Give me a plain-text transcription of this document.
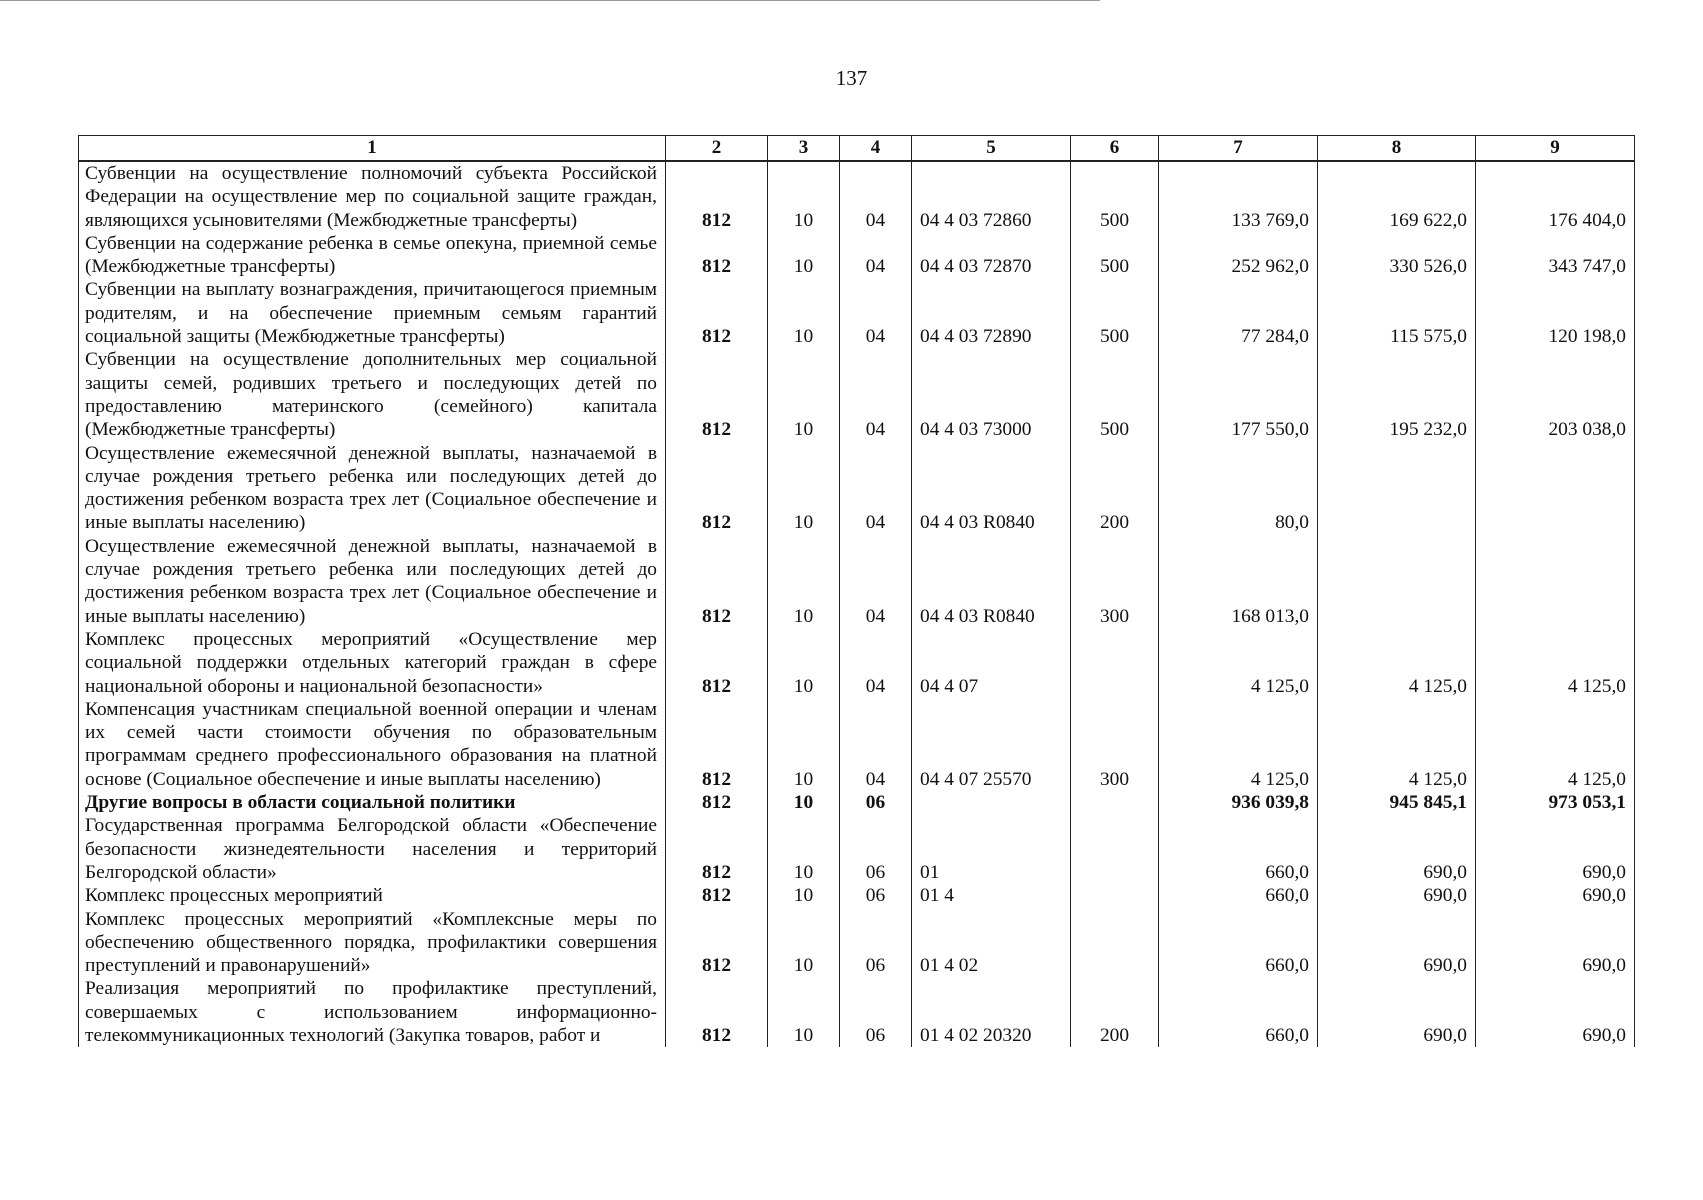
137
1	2	3	4	5	6	7	8	9
Субвенции на осуществление полномочий субъекта Российской Федерации на осуществление мер по социальной защите граждан, являющихся усыновителями (Межбюджетные трансферты)	812	10	04	04 4 03 72860	500	133 769,0	169 622,0	176 404,0
Субвенции на содержание ребенка в семье опекуна, приемной семье (Межбюджетные трансферты)	812	10	04	04 4 03 72870	500	252 962,0	330 526,0	343 747,0
Субвенции на выплату вознаграждения, причитающегося приемным родителям, и на обеспечение приемным семьям гарантий социальной защиты (Межбюджетные трансферты)	812	10	04	04 4 03 72890	500	77 284,0	115 575,0	120 198,0
Субвенции на осуществление дополнительных мер социальной защиты семей, родивших третьего и последующих детей по предоставлению материнского (семейного) капитала (Межбюджетные трансферты)	812	10	04	04 4 03 73000	500	177 550,0	195 232,0	203 038,0
Осуществление ежемесячной денежной выплаты, назначаемой в случае рождения третьего ребенка или последующих детей до достижения ребенком возраста трех лет (Социальное обеспечение и иные выплаты населению)	812	10	04	04 4 03 R0840	200	80,0		
Осуществление ежемесячной денежной выплаты, назначаемой в случае рождения третьего ребенка или последующих детей до достижения ребенком возраста трех лет (Социальное обеспечение и иные выплаты населению)	812	10	04	04 4 03 R0840	300	168 013,0		
Комплекс процессных мероприятий «Осуществление мер социальной поддержки отдельных категорий граждан в сфере национальной обороны и национальной безопасности»	812	10	04	04 4 07		4 125,0	4 125,0	4 125,0
Компенсация участникам специальной военной операции и членам их семей части стоимости обучения по образовательным программам среднего профессионального образования на платной основе (Социальное обеспечение и иные выплаты населению)	812	10	04	04 4 07 25570	300	4 125,0	4 125,0	4 125,0
Другие вопросы в области социальной политики	812	10	06			936 039,8	945 845,1	973 053,1
Государственная программа Белгородской области «Обеспечение безопасности жизнедеятельности населения и территорий Белгородской области»	812	10	06	01		660,0	690,0	690,0
Комплекс процессных мероприятий	812	10	06	01 4		660,0	690,0	690,0
Комплекс процессных мероприятий «Комплексные меры по обеспечению общественного порядка, профилактики совершения преступлений и правонарушений»	812	10	06	01 4 02		660,0	690,0	690,0
Реализация мероприятий по профилактике преступлений, совершаемых с использованием информационно-телекоммуникационных технологий (Закупка товаров, работ и	812	10	06	01 4 02 20320	200	660,0	690,0	690,0
